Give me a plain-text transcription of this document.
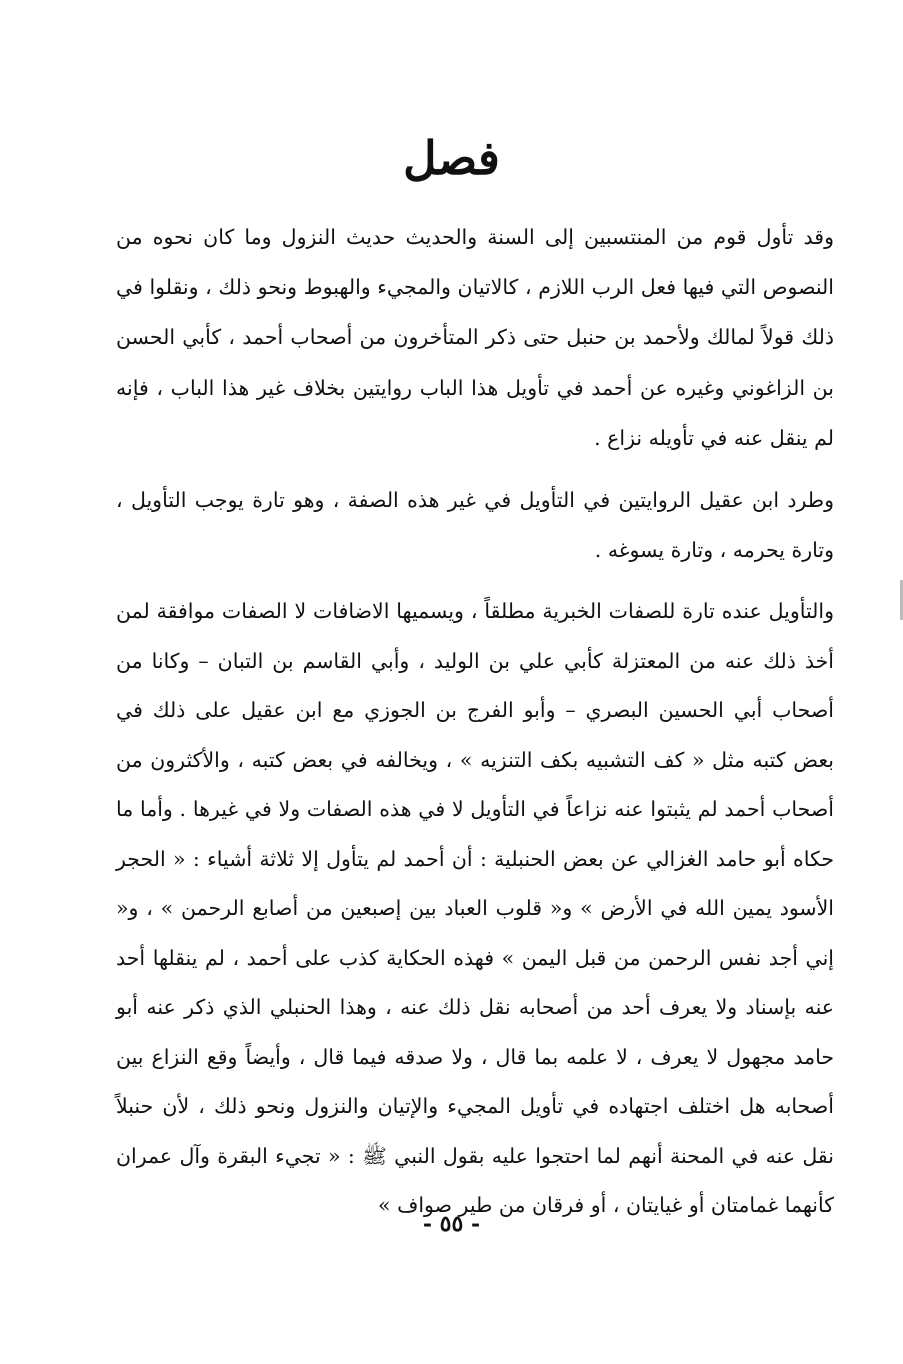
فصل

وقد تأول قوم من المنتسبين إلى السنة والحديث حديث النزول وما كان نحوه من النصوص التي فيها فعل الرب اللازم ، كالاتيان والمجيء والهبوط ونحو ذلك ، ونقلوا في ذلك قولاً لمالك ولأحمد بن حنبل حتى ذكر المتأخرون من أصحاب أحمد ، كأبي الحسن بن الزاغوني وغيره عن أحمد في تأويل هذا الباب روايتين بخلاف غير هذا الباب ، فإنه لم ينقل عنه في تأويله نزاع .

وطرد ابن عقيل الروايتين في التأويل في غير هذه الصفة ، وهو تارة يوجب التأويل ، وتارة يحرمه ، وتارة يسوغه .

والتأويل عنده تارة للصفات الخبرية مطلقاً ، ويسميها الاضافات لا الصفات موافقة لمن أخذ ذلك عنه من المعتزلة كأبي علي بن الوليد ، وأبي القاسم بن التبان – وكانا من أصحاب أبي الحسين البصري – وأبو الفرج بن الجوزي مع ابن عقيل على ذلك في بعض كتبه مثل « كف التشبيه بكف التنزيه » ، ويخالفه في بعض كتبه ، والأكثرون من أصحاب أحمد لم يثبتوا عنه نزاعاً في التأويل لا في هذه الصفات ولا في غيرها . وأما ما حكاه أبو حامد الغزالي عن بعض الحنبلية : أن أحمد لم يتأول إلا ثلاثة أشياء : « الحجر الأسود يمين الله في الأرض » و« قلوب العباد بين إصبعين من أصابع الرحمن » ، و« إني أجد نفس الرحمن من قبل اليمن » فهذه الحكاية كذب على أحمد ، لم ينقلها أحد عنه بإسناد ولا يعرف أحد من أصحابه نقل ذلك عنه ، وهذا الحنبلي الذي ذكر عنه أبو حامد مجهول لا يعرف ، لا علمه بما قال ، ولا صدقه فيما قال ، وأيضاً وقع النزاع بين أصحابه هل اختلف اجتهاده في تأويل المجيء والإتيان والنزول ونحو ذلك ، لأن حنبلاً نقل عنه في المحنة أنهم لما احتجوا عليه بقول النبي ﷺ : « تجيء البقرة وآل عمران كأنهما غمامتان أو غيايتان ، أو فرقان من طير صواف »

- ٥٥ -
